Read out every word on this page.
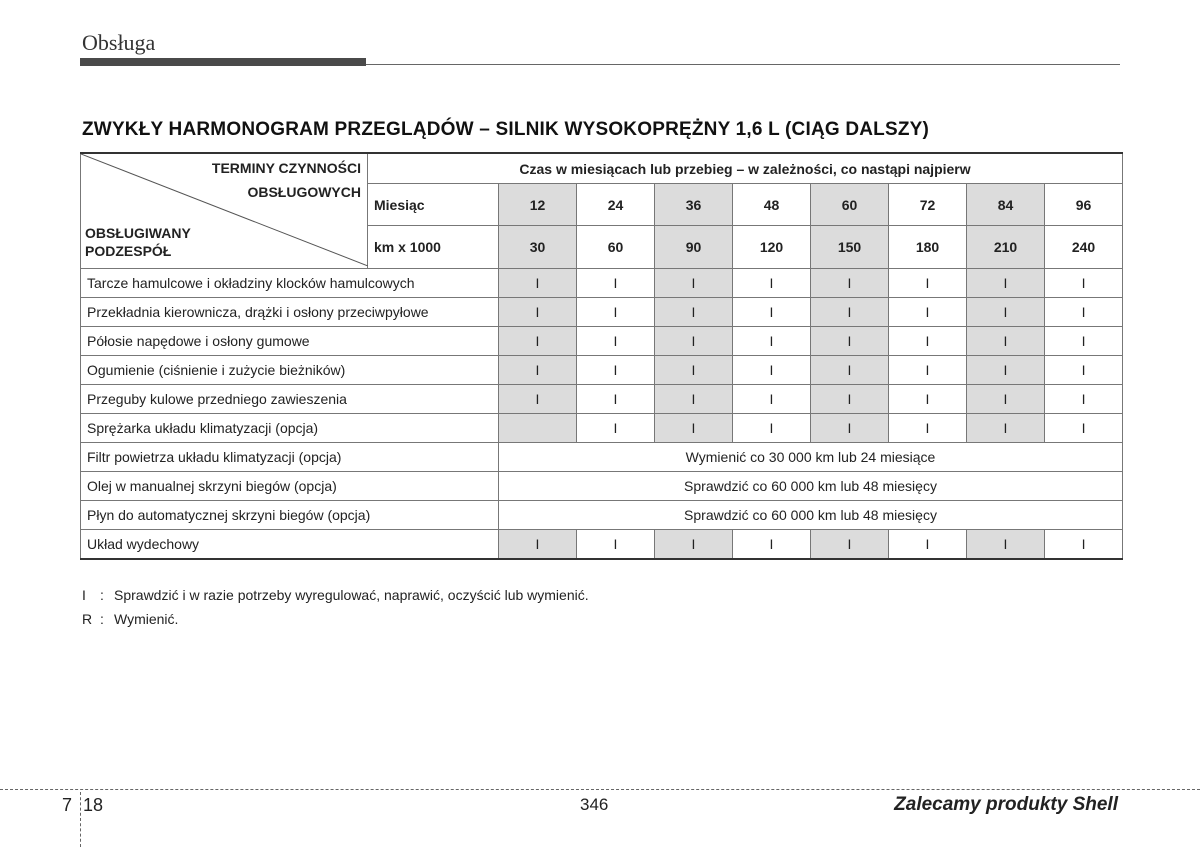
Obsługa
ZWYKŁY HARMONOGRAM PRZEGLĄDÓW – SILNIK WYSOKOPRĘŻNY 1,6 L (CIĄG DALSZY)
TERMINY CZYNNOŚCI
OBSŁUGOWYCH
OBSŁUGIWANY
PODZESPÓŁ	Czas w miesiącach lub przebieg – w zależności, co nastąpi najpierw								
	Miesiąc	12	24	36	48	60	72	84	96
	km x 1000	30	60	90	120	150	180	210	240
Tarcze hamulcowe i okładziny klocków hamulcowych		I	I	I	I	I	I	I	I
Przekładnia kierownicza, drążki i osłony przeciwpyłowe		I	I	I	I	I	I	I	I
Półosie napędowe i osłony gumowe		I	I	I	I	I	I	I	I
Ogumienie (ciśnienie i zużycie bieżników)		I	I	I	I	I	I	I	I
Przeguby kulowe przedniego zawieszenia		I	I	I	I	I	I	I	I
Sprężarka układu klimatyzacji (opcja)			I	I	I	I	I	I	I
Filtr powietrza układu klimatyzacji (opcja)		Wymienić co 30 000 km lub 24 miesiące							
Olej w manualnej skrzyni biegów (opcja)		Sprawdzić co 60 000 km lub 48 miesięcy							
Płyn do automatycznej skrzyni biegów (opcja)		Sprawdzić co 60 000 km lub 48 miesięcy							
Układ wydechowy		I	I	I	I	I	I	I	I
I : Sprawdzić i w razie potrzeby wyregulować, naprawić, oczyścić lub wymienić.
R : Wymienić.
7 18	346	Zalecamy produkty Shell
